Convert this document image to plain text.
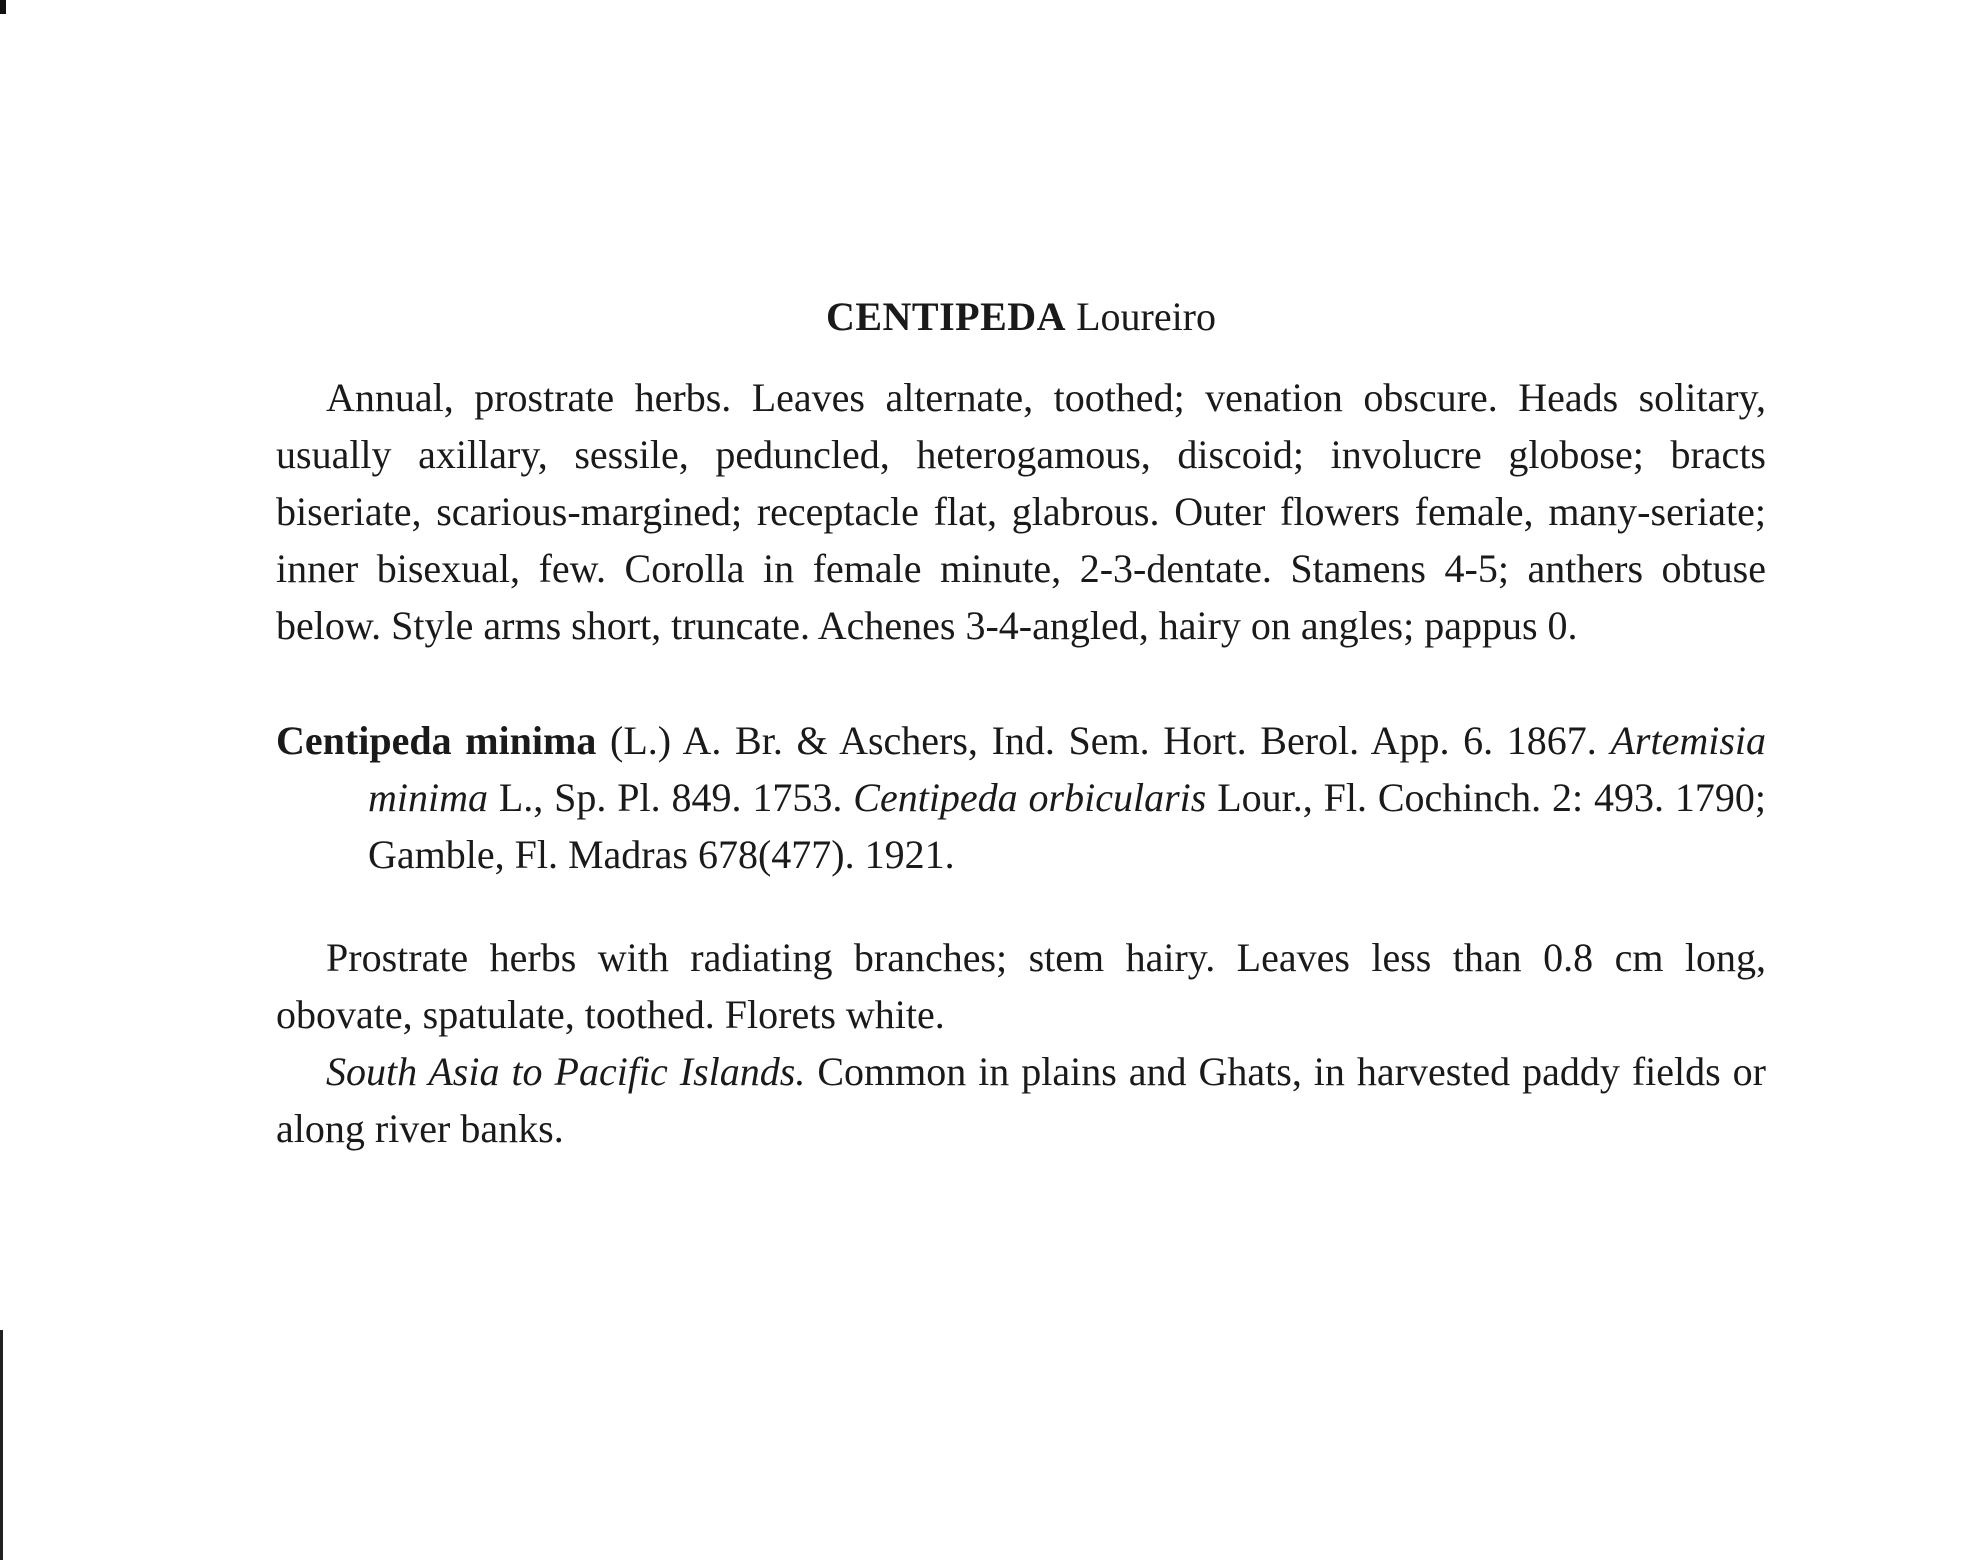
CENTIPEDA Loureiro

Annual, prostrate herbs. Leaves alternate, toothed; venation obscure. Heads solitary, usually axillary, sessile, peduncled, heterogamous, discoid; involucre globose; bracts biseriate, scarious-margined; receptacle flat, glabrous. Outer flowers female, many-seriate; inner bisexual, few. Corolla in female minute, 2-3-dentate. Stamens 4-5; anthers obtuse below. Style arms short, truncate. Achenes 3-4-angled, hairy on angles; pappus 0.

Centipeda minima (L.) A. Br. & Aschers, Ind. Sem. Hort. Berol. App. 6. 1867. Artemisia minima L., Sp. Pl. 849. 1753. Centipeda orbicularis Lour., Fl. Cochinch. 2: 493. 1790; Gamble, Fl. Madras 678(477). 1921.

Prostrate herbs with radiating branches; stem hairy. Leaves less than 0.8 cm long, obovate, spatulate, toothed. Florets white.

South Asia to Pacific Islands. Common in plains and Ghats, in harvested paddy fields or along river banks.
